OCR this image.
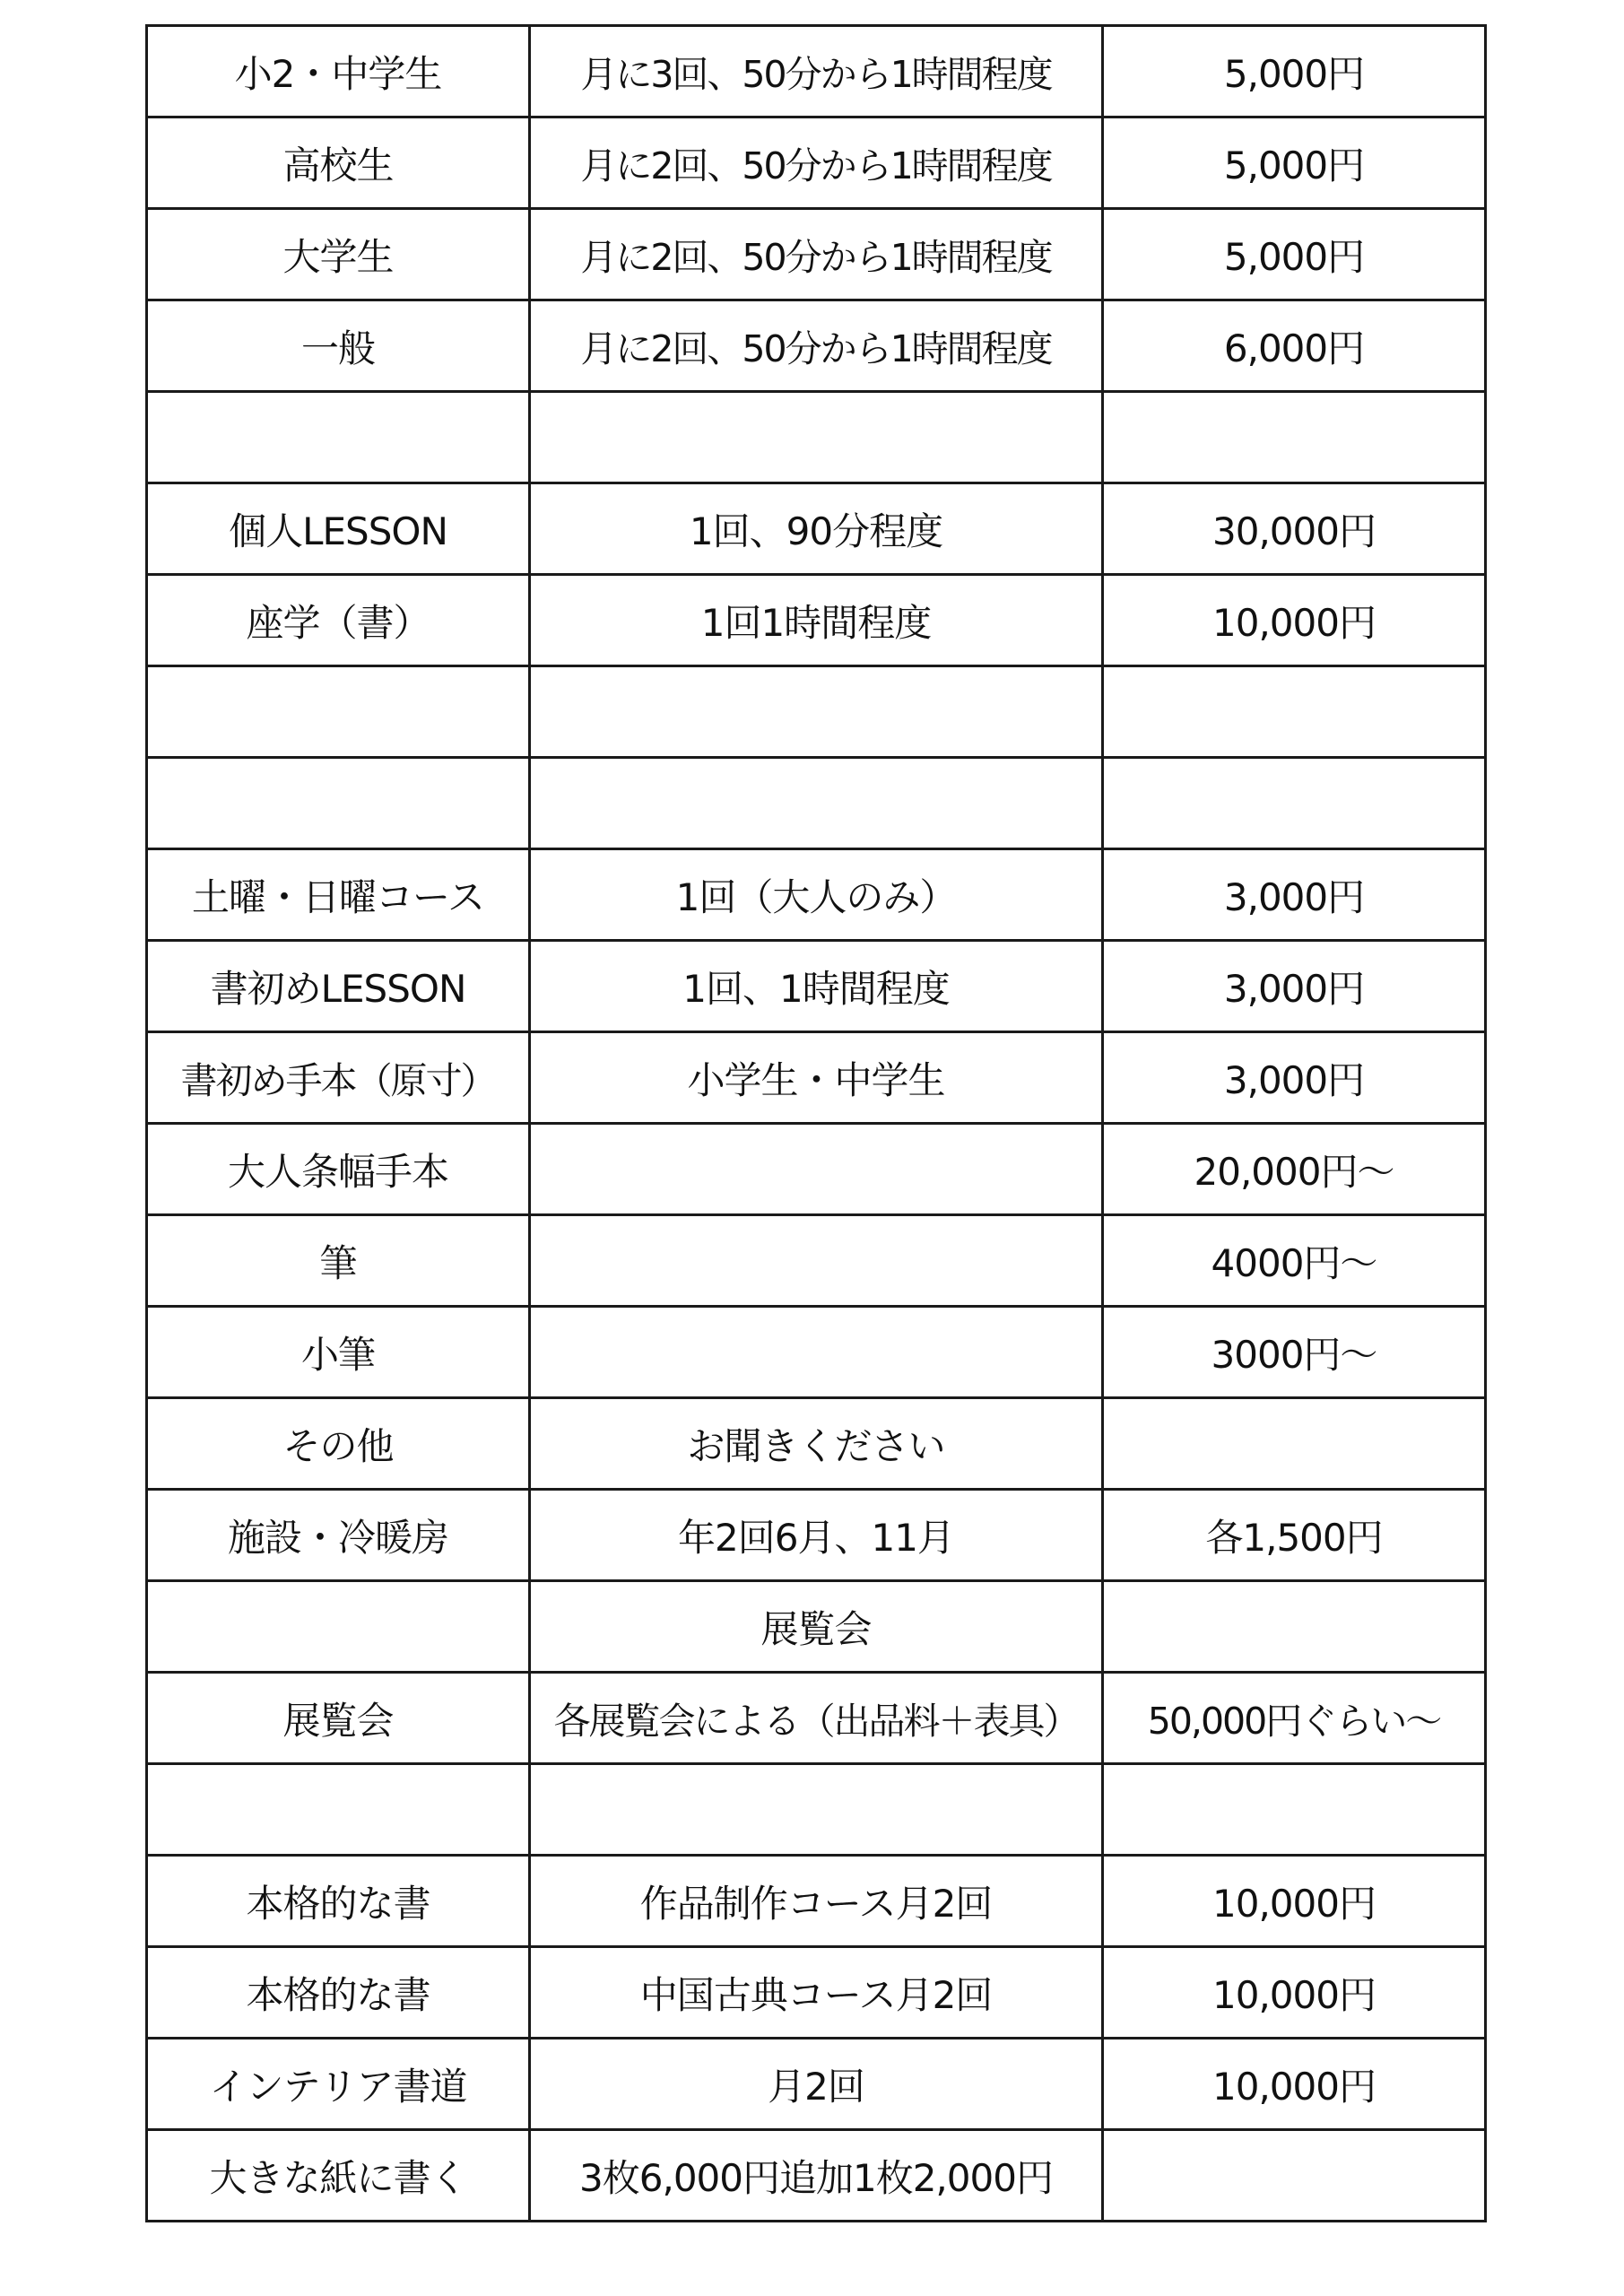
小2・中学生	月に3回、50分から1時間程度	5,000円
高校生	月に2回、50分から1時間程度	5,000円
大学生	月に2回、50分から1時間程度	5,000円
一般	月に2回、50分から1時間程度	6,000円

個人LESSON	1回、90分程度	30,000円
座学（書）	1回1時間程度	10,000円

土曜・日曜コース	1回（大人のみ）	3,000円
書初めLESSON	1回、1時間程度	3,000円
書初め手本（原寸）	小学生・中学生	3,000円
大人条幅手本		20,000円～
筆		4000円～
小筆		3000円～
その他	お聞きください	
施設・冷暖房	年2回6月、11月	各1,500円
	展覧会	
展覧会	各展覧会による（出品料＋表具）	50,000円ぐらい～

本格的な書	作品制作コース月2回	10,000円
本格的な書	中国古典コース月2回	10,000円
インテリア書道	月2回	10,000円
大きな紙に書く	3枚6,000円追加1枚2,000円	
